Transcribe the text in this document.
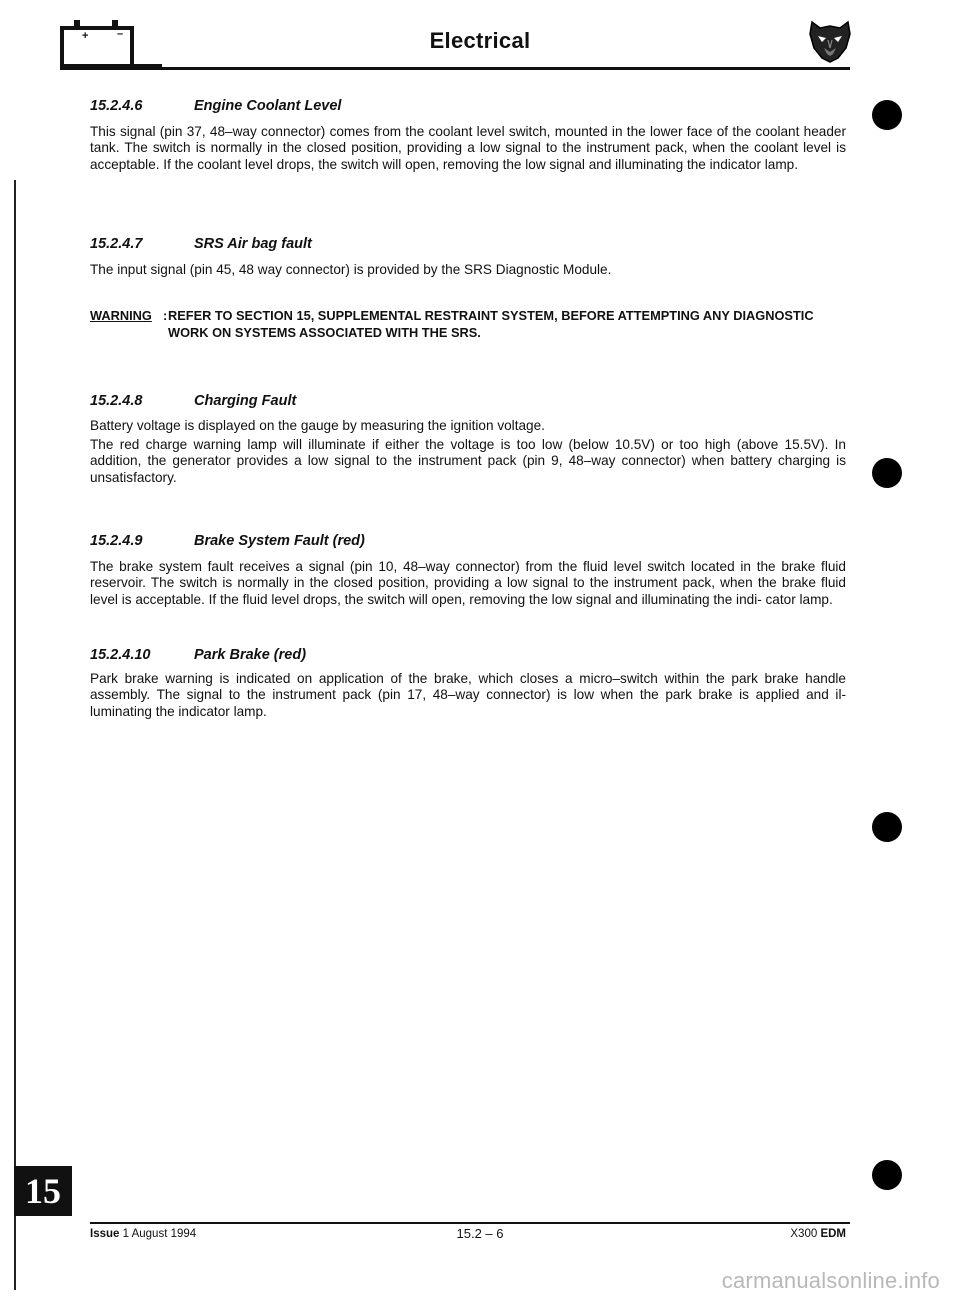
+	–	Electrical
15.2.4.6	Engine Coolant Level

This signal (pin 37, 48–way connector) comes from the coolant level switch, mounted in the lower face of the coolant header tank. The switch is normally in the closed position, providing a low signal to the instrument pack, when the coolant level is acceptable. If the coolant level drops, the switch will open, removing the low signal and illuminating the indicator lamp.

15.2.4.7	SRS Air bag fault

The input signal (pin 45, 48 way connector) is provided by the SRS Diagnostic Module.

WARNING : REFER TO SECTION 15, SUPPLEMENTAL RESTRAINT SYSTEM, BEFORE ATTEMPTING ANY DIAGNOSTIC WORK ON SYSTEMS ASSOCIATED WITH THE SRS.

15.2.4.8	Charging Fault

Battery voltage is displayed on the gauge by measuring the ignition voltage.

The red charge warning lamp will illuminate if either the voltage is too low (below 10.5V) or too high (above 15.5V). In addition, the generator provides a low signal to the instrument pack (pin 9, 48–way connector) when battery charging is unsatisfactory.

15.2.4.9	Brake System Fault (red)

The brake system fault receives a signal (pin 10, 48–way connector) from the fluid level switch located in the brake fluid reservoir. The switch is normally in the closed position, providing a low signal to the instrument pack, when the brake fluid level is acceptable. If the fluid level drops, the switch will open, removing the low signal and illuminating the indi- cator lamp.

15.2.4.10	Park Brake (red)

Park brake warning is indicated on application of the brake, which closes a micro–switch within the park brake handle assembly. The signal to the instrument pack (pin 17, 48–way connector) is low when the park brake is applied and il- luminating the indicator lamp.

15
Issue 1 August 1994	15.2 – 6	X300 EDM
carmanualsonline.info
